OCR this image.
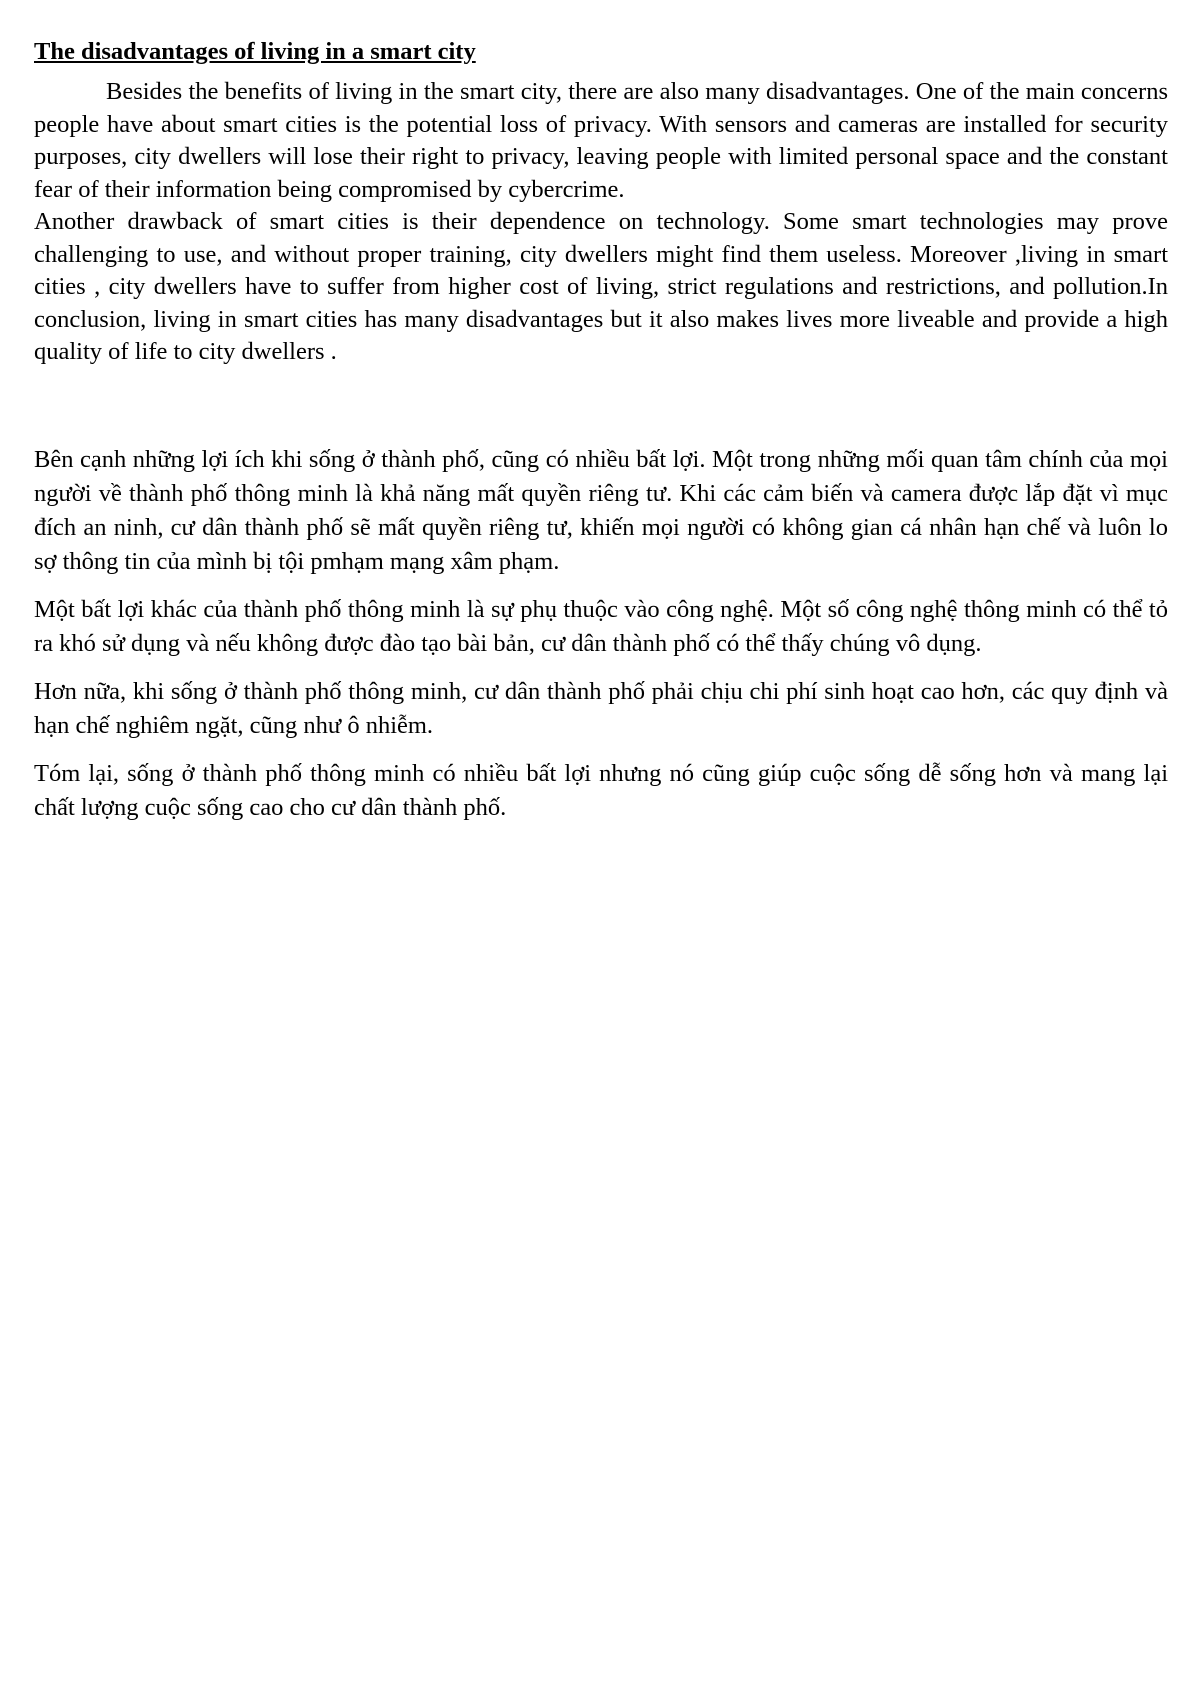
The disadvantages of living in a smart city

Besides the benefits of living in the smart city, there are also many disadvantages. One of the main concerns people have about smart cities is the potential loss of privacy. With sensors and cameras are installed for security purposes, city dwellers will lose their right to privacy, leaving people with limited personal space and the constant fear of their information being compromised by cybercrime.

Another drawback of smart cities is their dependence on technology. Some smart technologies may prove challenging to use, and without proper training, city dwellers might find them useless. Moreover ,living in smart cities , city dwellers have to suffer from higher cost of living, strict regulations and restrictions, and pollution.In conclusion, living in smart cities has many disadvantages but it also makes lives more liveable and provide a high quality of life to city dwellers .

Bên cạnh những lợi ích khi sống ở thành phố, cũng có nhiều bất lợi. Một trong những mối quan tâm chính của mọi người về thành phố thông minh là khả năng mất quyền riêng tư. Khi các cảm biến và camera được lắp đặt vì mục đích an ninh, cư dân thành phố sẽ mất quyền riêng tư, khiến mọi người có không gian cá nhân hạn chế và luôn lo sợ thông tin của mình bị tội pmhạm mạng xâm phạm.

Một bất lợi khác của thành phố thông minh là sự phụ thuộc vào công nghệ. Một số công nghệ thông minh có thể tỏ ra khó sử dụng và nếu không được đào tạo bài bản, cư dân thành phố có thể thấy chúng vô dụng.

Hơn nữa, khi sống ở thành phố thông minh, cư dân thành phố phải chịu chi phí sinh hoạt cao hơn, các quy định và hạn chế nghiêm ngặt, cũng như ô nhiễm.

Tóm lại, sống ở thành phố thông minh có nhiều bất lợi nhưng nó cũng giúp cuộc sống dễ sống hơn và mang lại chất lượng cuộc sống cao cho cư dân thành phố.
